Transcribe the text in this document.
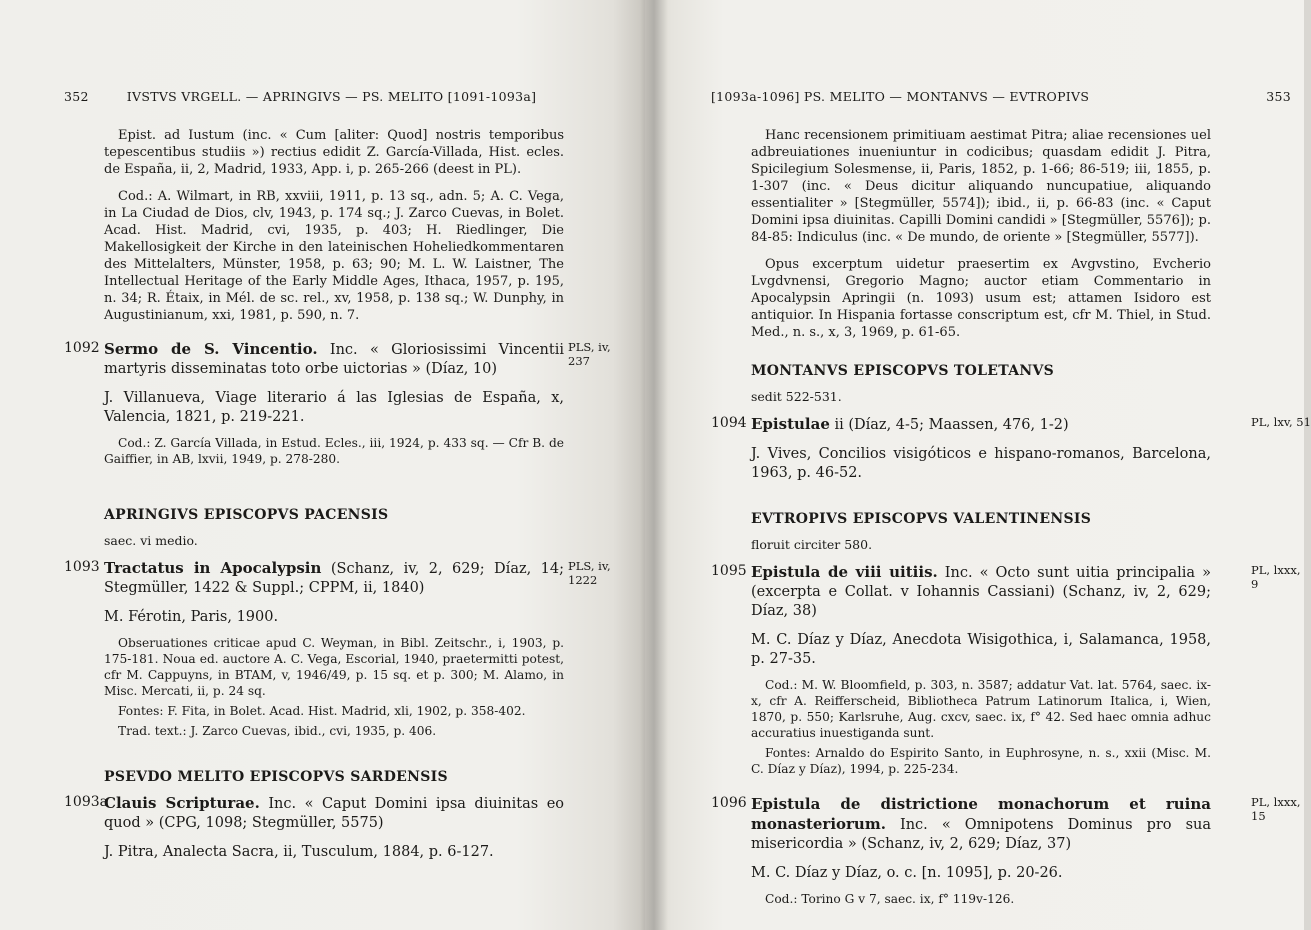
352	IVSTVS VRGELL. — APRINGIVS — PS. MELITO [1091-1093a]
Epist. ad Iustum (inc. « Cum [aliter: Quod] nostris temporibus tepescentibus studiis ») rectius edidit Z. García-Villada, Hist. ecles. de España, ii, 2, Madrid, 1933, App. i, p. 265-266 (deest in PL).
Cod.: A. Wilmart, in RB, xxviii, 1911, p. 13 sq., adn. 5; A. C. Vega, in La Ciudad de Dios, clv, 1943, p. 174 sq.; J. Zarco Cuevas, in Bolet. Acad. Hist. Madrid, cvi, 1935, p. 403; H. Riedlinger, Die Makellosigkeit der Kirche in den lateinischen Hoheliedkommentaren des Mittelalters, Münster, 1958, p. 63; 90; M. L. W. Laistner, The Intellectual Heritage of the Early Middle Ages, Ithaca, 1957, p. 195, n. 34; R. Étaix, in Mél. de sc. rel., xv, 1958, p. 138 sq.; W. Dunphy, in Augustinianum, xxi, 1981, p. 590, n. 7.
1092	PLS, iv, 237
Sermo de S. Vincentio. Inc. « Gloriosissimi Vincentii martyris disseminatas toto orbe uictorias » (Díaz, 10)
J. Villanueva, Viage literario á las Iglesias de España, x, Valencia, 1821, p. 219-221.
Cod.: Z. García Villada, in Estud. Ecles., iii, 1924, p. 433 sq. — Cfr B. de Gaiffier, in AB, lxvii, 1949, p. 278-280.
APRINGIVS EPISCOPVS PACENSIS
saec. vi medio.
1093	PLS, iv, 1222
Tractatus in Apocalypsin (Schanz, iv, 2, 629; Díaz, 14; Stegmüller, 1422 & Suppl.; CPPM, ii, 1840)
M. Férotin, Paris, 1900.
Obseruationes criticae apud C. Weyman, in Bibl. Zeitschr., i, 1903, p. 175-181. Noua ed. auctore A. C. Vega, Escorial, 1940, praetermitti potest, cfr M. Cappuyns, in BTAM, v, 1946/49, p. 15 sq. et p. 300; M. Alamo, in Misc. Mercati, ii, p. 24 sq.
Fontes: F. Fita, in Bolet. Acad. Hist. Madrid, xli, 1902, p. 358-402.
Trad. text.: J. Zarco Cuevas, ibid., cvi, 1935, p. 406.
PSEVDO MELITO EPISCOPVS SARDENSIS
1093a
Clauis Scripturae. Inc. « Caput Domini ipsa diuinitas eo quod » (CPG, 1098; Stegmüller, 5575)
J. Pitra, Analecta Sacra, ii, Tusculum, 1884, p. 6-127.
[1093a-1096] PS. MELITO — MONTANVS — EVTROPIVS	353
Hanc recensionem primitiuam aestimat Pitra; aliae recensiones uel adbreuiationes inueniuntur in codicibus; quasdam edidit J. Pitra, Spicilegium Solesmense, ii, Paris, 1852, p. 1-66; 86-519; iii, 1855, p. 1-307 (inc. « Deus dicitur aliquando nuncupatiue, aliquando essentialiter » [Stegmüller, 5574]); ibid., ii, p. 66-83 (inc. « Caput Domini ipsa diuinitas. Capilli Domini candidi » [Stegmüller, 5576]); p. 84-85: Indiculus (inc. « De mundo, de oriente » [Stegmüller, 5577]).
Opus excerptum uidetur praesertim ex Avgvstino, Evcherio Lvgdvnensi, Gregorio Magno; auctor etiam Commentario in Apocalypsin Apringii (n. 1093) usum est; attamen Isidoro est antiquior. In Hispania fortasse conscriptum est, cfr M. Thiel, in Stud. Med., n. s., x, 3, 1969, p. 61-65.
MONTANVS EPISCOPVS TOLETANVS
sedit 522-531.
1094	PL, lxv, 51
Epistulae ii (Díaz, 4-5; Maassen, 476, 1-2)
J. Vives, Concilios visigóticos e hispano-romanos, Barcelona, 1963, p. 46-52.
EVTROPIVS EPISCOPVS VALENTINENSIS
floruit circiter 580.
1095	PL, lxxx, 9
Epistula de viii uitiis. Inc. « Octo sunt uitia principalia » (excerpta e Collat. v Iohannis Cassiani) (Schanz, iv, 2, 629; Díaz, 38)
M. C. Díaz y Díaz, Anecdota Wisigothica, i, Salamanca, 1958, p. 27-35.
Cod.: M. W. Bloomfield, p. 303, n. 3587; addatur Vat. lat. 5764, saec. ix-x, cfr A. Reifferscheid, Bibliotheca Patrum Latinorum Italica, i, Wien, 1870, p. 550; Karlsruhe, Aug. cxcv, saec. ix, f° 42. Sed haec omnia adhuc accuratius inuestiganda sunt.
Fontes: Arnaldo do Espirito Santo, in Euphrosyne, n. s., xxii (Misc. M. C. Díaz y Díaz), 1994, p. 225-234.
1096	PL, lxxx, 15
Epistula de districtione monachorum et ruina monasteriorum. Inc. « Omnipotens Dominus pro sua misericordia » (Schanz, iv, 2, 629; Díaz, 37)
M. C. Díaz y Díaz, o. c. [n. 1095], p. 20-26.
Cod.: Torino G v 7, saec. ix, f° 119v-126.
